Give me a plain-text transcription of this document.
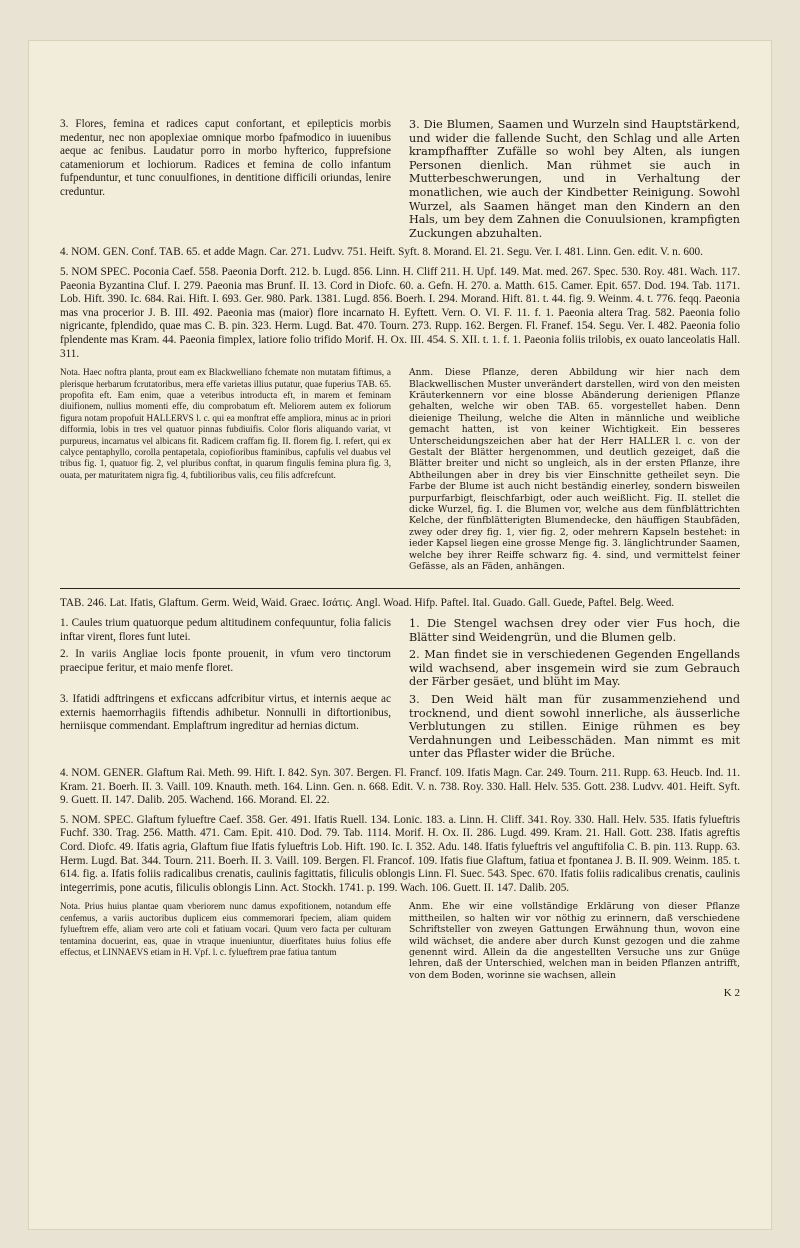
3. Flores, femina et radices caput confortant, et epilepticis morbis medentur, nec non apoplexiae omnique morbo fpafmodico in iuuenibus aeque ac fenibus. Laudatur porro in morbo hyfterico, fupprefsione catameniorum et lochiorum. Radices et femina de collo infantum fufpenduntur, et tunc conuulfiones, in dentitione difficili oriundas, lenire creduntur.

3. Die Blumen, Saamen und Wurzeln sind Hauptstärkend, und wider die fallende Sucht, den Schlag und alle Arten krampfhaffter Zufälle so wohl bey Alten, als iungen Personen dienlich. Man rühmet sie auch in Mutterbeschwerungen, und in Verhaltung der monatlichen, wie auch der Kindbetter Reinigung. Sowohl Wurzel, als Saamen hänget man den Kindern an den Hals, um bey dem Zahnen die Conuulsionen, krampfigten Zuckungen abzuhalten.

4. NOM. GEN. Conf. TAB. 65. et adde Magn. Car. 271. Ludvv. 751. Heift. Syft. 8. Morand. El. 21. Segu. Ver. I. 481. Linn. Gen. edit. V. n. 600.

5. NOM SPEC. Poconia Caef. 558. Paeonia Dorft. 212. b. Lugd. 856. Linn. H. Cliff 211. H. Upf. 149. Mat. med. 267. Spec. 530. Roy. 481. Wach. 117. Paeonia Byzantina Cluf. I. 279. Paeonia mas Brunf. II. 13. Cord in Diofc. 60. a. Gefn. H. 270. a. Matth. 615. Camer. Epit. 657. Dod. 194. Tab. 1171. Lob. Hift. 390. Ic. 684. Rai. Hift. I. 693. Ger. 980. Park. 1381. Lugd. 856. Boerh. I. 294. Morand. Hift. 81. t. 44. fig. 9. Weinm. 4. t. 776. feqq. Paeonia mas vna procerior J. B. III. 492. Paeonia mas (maior) flore incarnato H. Eyftett. Vern. O. VI. F. 11. f. 1. Paeonia altera Trag. 582. Paeonia folio nigricante, fplendido, quae mas C. B. pin. 323. Herm. Lugd. Bat. 470. Tourn. 273. Rupp. 162. Bergen. Fl. Franef. 154. Segu. Ver. I. 482. Paeonia folio fplendente mas Kram. 44. Paeonia fimplex, latiore folio trifido Morif. H. Ox. III. 454. S. XII. t. 1. f. 1. Paeonia foliis trilobis, ex ouato lanceolatis Hall. 311.

Nota. Haec noftra planta, prout eam ex Blackwelliano fchemate non mutatam fiftimus, a plerisque herbarum fcrutatoribus, mera effe varietas illius putatur, quae fuperius TAB. 65. propofita eft. Eam enim, quae a veteribus introducta eft, in marem et feminam diuifionem, nullius momenti effe, diu comprobatum eft. Meliorem autem ex foliorum figura notam propofuit HALLERVS l. c. qui ea monftrat effe ampliora, minus ac in priori difformia, lobis in tres vel quatuor pinnas fubdiuifis. Color floris aliquando variat, vt purpureus, incarnatus vel albicans fit. Radicem craffam fig. II. florem fig. I. refert, qui ex calyce pentaphyllo, corolla pentapetala, copiofioribus ftaminibus, capfulis vel duabus vel tribus fig. 1, quatuor fig. 2, vel pluribus conftat, in quarum fingulis femina plura fig. 3, ouata, per maturitatem nigra fig. 4, fubtilioribus valis, ceu filis adfcrefcunt.

Anm. Diese Pflanze, deren Abbildung wir hier nach dem Blackwellischen Muster unverändert darstellen, wird von den meisten Kräuterkennern vor eine blosse Abänderung derienigen Pflanze gehalten, welche wir oben TAB. 65. vorgestellet haben. Denn dieienige Theilung, welche die Alten in männliche und weibliche gemacht hatten, ist von keiner Wichtigkeit. Ein besseres Unterscheidungszeichen aber hat der Herr HALLER l. c. von der Gestalt der Blätter hergenommen, und deutlich gezeiget, daß die Blätter breiter und nicht so ungleich, als in der ersten Pflanze, ihre Abtheilungen aber in drey bis vier Einschnitte getheilet seyn. Die Farbe der Blume ist auch nicht beständig einerley, sondern bisweilen purpurfarbigt, fleischfarbigt, oder auch weißlicht. Fig. II. stellet die dicke Wurzel, fig. I. die Blumen vor, welche aus dem fünfblättrichten Kelche, der fünfblätterigten Blumendecke, den häuffigen Staubfäden, zwey oder drey fig. 1, vier fig. 2, oder mehrern Kapseln bestehet: in ieder Kapsel liegen eine grosse Menge fig. 3. länglichtrunder Saamen, welche bey ihrer Reiffe schwarz fig. 4. sind, und vermittelst feiner Gefässe, als an Fäden, anhängen.

TAB. 246. Lat. Ifatis, Glaftum. Germ. Weid, Waid. Graec. Ισάτις. Angl. Woad. Hifp. Paftel. Ital. Guado. Gall. Guede, Paftel. Belg. Weed.

1. Caules trium quatuorque pedum altitudinem confequuntur, folia falicis inftar virent, flores funt lutei.

1. Die Stengel wachsen drey oder vier Fus hoch, die Blätter sind Weidengrün, und die Blumen gelb.

2. In variis Angliae locis fponte prouenit, in vfum vero tinctorum praecipue feritur, et maio menfe floret.

2. Man findet sie in verschiedenen Gegenden Engellands wild wachsend, aber insgemein wird sie zum Gebrauch der Färber gesäet, und blüht im May.

3. Ifatidi adftringens et exficcans adfcribitur virtus, et internis aeque ac externis haemorrhagiis fiftendis adhibetur. Nonnulli in diftortionibus, herniisque commendant. Emplaftrum ingreditur ad hernias dictum.

3. Den Weid hält man für zusammenziehend und trocknend, und dient sowohl innerliche, als äusserliche Verblutungen zu stillen. Einige rühmen es bey Verdahnungen und Leibesschäden. Man nimmt es mit unter das Pflaster wider die Brüche.

4. NOM. GENER. Glaftum Rai. Meth. 99. Hift. I. 842. Syn. 307. Bergen. Fl. Francf. 109. Ifatis Magn. Car. 249. Tourn. 211. Rupp. 63. Heucb. Ind. 11. Kram. 21. Boerh. II. 3. Vaill. 109. Knauth. meth. 164. Linn. Gen. n. 668. Edit. V. n. 738. Roy. 330. Hall. Helv. 535. Gott. 238. Ludvv. 401. Heift. Syft. 9. Guett. II. 147. Dalib. 205. Wachend. 166. Morand. El. 22.

5. NOM. SPEC. Glaftum fylueftre Caef. 358. Ger. 491. Ifatis Ruell. 134. Lonic. 183. a. Linn. H. Cliff. 341. Roy. 330. Hall. Helv. 535. Ifatis fylueftris Fuchf. 330. Trag. 256. Matth. 471. Cam. Epit. 410. Dod. 79. Tab. 1114. Morif. H. Ox. II. 286. Lugd. 499. Kram. 21. Hall. Gott. 238. Ifatis agreftis Cord. Diofc. 49. Ifatis agria, Glaftum fiue Ifatis fylueftris Lob. Hift. 190. Ic. I. 352. Adu. 148. Ifatis fylueftris vel anguftifolia C. B. pin. 113. Rupp. 63. Herm. Lugd. Bat. 344. Tourn. 211. Boerh. II. 3. Vaill. 109. Bergen. Fl. Francof. 109. Ifatis fiue Glaftum, fatiua et fpontanea J. B. II. 909. Weinm. 185. t. 614. fig. a. Ifatis foliis radicalibus crenatis, caulinis fagittatis, filiculis oblongis Linn. Fl. Suec. 543. Spec. 670. Ifatis foliis radicalibus crenatis, caulinis integerrimis, pone acutis, filiculis oblongis Linn. Act. Stockh. 1741. p. 199. Wach. 106. Guett. II. 147. Dalib. 205.

Nota. Prius huius plantae quam vberiorem nunc damus expofitionem, notandum effe cenfemus, a variis auctoribus duplicem eius commemorari fpeciem, aliam quidem fylueftrem effe, aliam vero arte coli et fatiuam vocari. Quum vero facta per culturam tentamina docuerint, eas, quae in vtraque inueniuntur, diuerfitates huius folius effe effectus, et LINNAEVS etiam in H. Vpf. l. c. fylueftrem prae fatiua tantum

Anm. Ehe wir eine vollständige Erklärung von dieser Pflanze mittheilen, so halten wir vor nöthig zu erinnern, daß verschiedene Schriftsteller von zweyen Gattungen Erwähnung thun, wovon eine wild wächset, die andere aber durch Kunst gezogen und die zahme genennt wird. Allein da die angestellten Versuche uns zur Gnüge lehren, daß der Unterschied, welchen man in beiden Pflanzen antrifft, von dem Boden, worinne sie wachsen, allein

K 2
